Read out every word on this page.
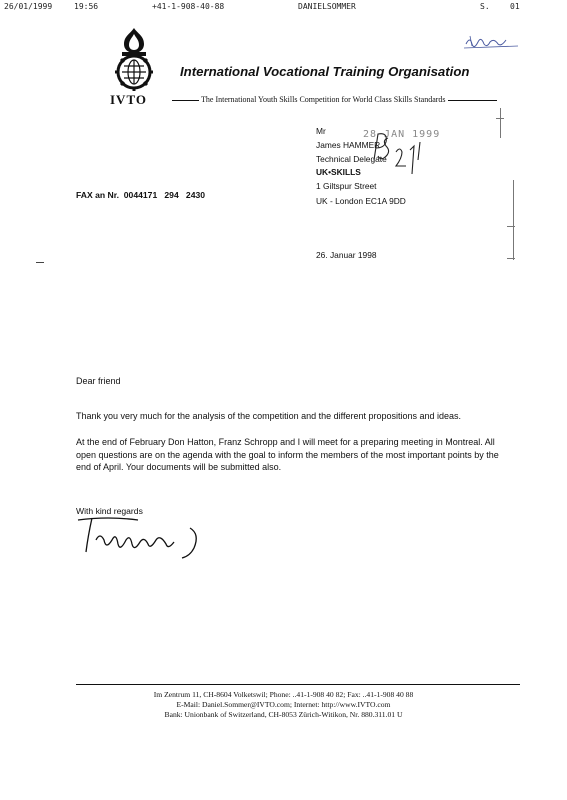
26/01/1999	19:56	+41-1-908-40-88	DANIELSOMMER	S.	01
IVTO
International Vocational Training Organisation
The International Youth Skills Competition for World Class Skills Standards
Mr
James HAMMER
Technical Delegate
UK•SKILLS
1 Giltspur Street
UK - London EC1A 9DD
28 JAN 1999
FAX an Nr. 0044171 294 2430
26. Januar 1998
Dear friend
Thank you very much for the analysis of the competition and the different propositions and ideas.
At the end of February Don Hatton, Franz Schropp and I will meet for a preparing meeting in Montreal. All open questions are on the agenda with the goal to inform the members of the most important points by the end of April. Your documents will be submitted also.
With kind regards
Im Zentrum 11, CH-8604 Volketswil; Phone: ..41-1-908 40 82; Fax: ..41-1-908 40 88
E-Mail: Daniel.Sommer@IVTO.com; Internet: http://www.IVTO.com
Bank: Unionbank of Switzerland, CH-8053 Zürich-Witikon, Nr. 880.311.01 U
